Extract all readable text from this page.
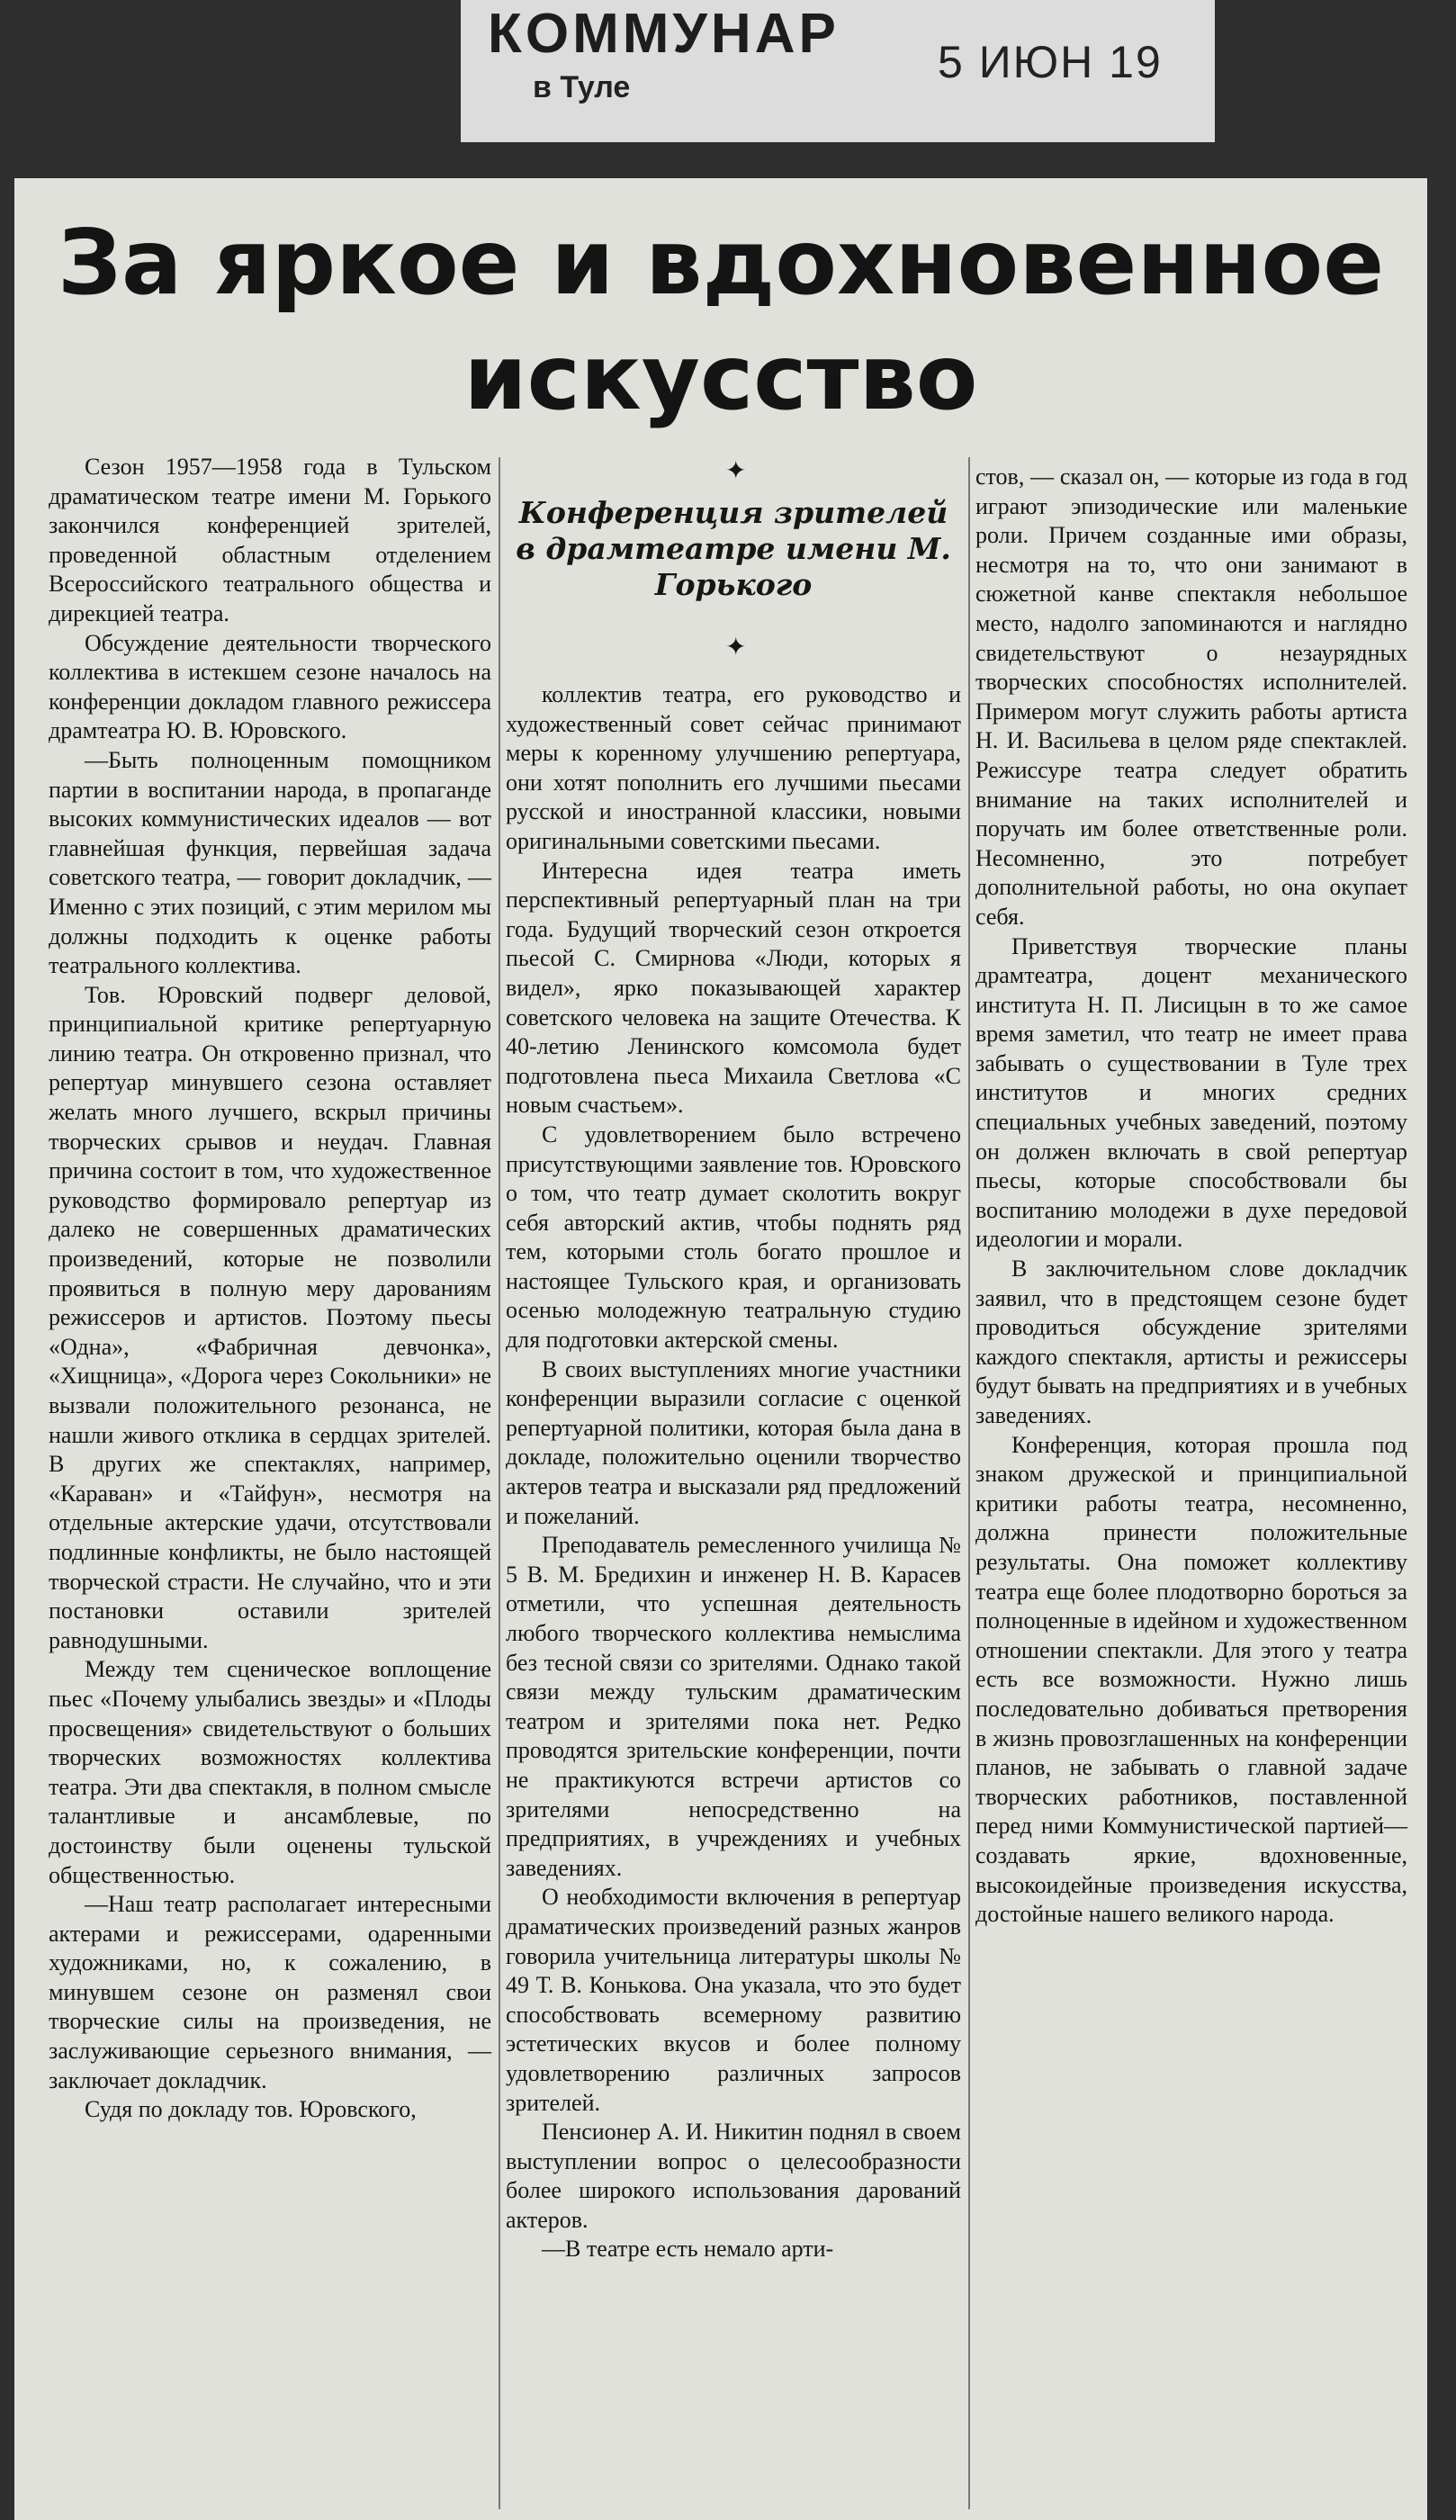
КОММУНАР
в Туле	5 ИЮН 19
За яркое и вдохновенное искусство
✦
Конференция зрителей в драмтеатре имени М. Горького
✦

Сезон 1957—1958 года в Тульском драматическом театре имени М. Горького закончился конференцией зрителей, проведенной областным отделением Всероссийского театрального общества и дирекцией театра.

Обсуждение деятельности творческого коллектива в истекшем сезоне началось на конференции докладом главного режиссера драмтеатра Ю. В. Юровского.

—Быть полноценным помощником партии в воспитании народа, в пропаганде высоких коммунистических идеалов — вот главнейшая функция, первейшая задача советского театра, — говорит докладчик, — Именно с этих позиций, с этим мерилом мы должны подходить к оценке работы театрального коллектива.

Тов. Юровский подверг деловой, принципиальной критике репертуарную линию театра. Он откровенно признал, что репертуар минувшего сезона оставляет желать много лучшего, вскрыл причины творческих срывов и неудач. Главная причина состоит в том, что художественное руководство формировало репертуар из далеко не совершенных драматических произведений, которые не позволили проявиться в полную меру дарованиям режиссеров и артистов. Поэтому пьесы «Одна», «Фабричная девчонка», «Хищница», «Дорога через Сокольники» не вызвали положительного резонанса, не нашли живого отклика в сердцах зрителей. В других же спектаклях, например, «Караван» и «Тайфун», несмотря на отдельные актерские удачи, отсутствовали подлинные конфликты, не было настоящей творческой страсти. Не случайно, что и эти постановки оставили зрителей равнодушными.

Между тем сценическое воплощение пьес «Почему улыбались звезды» и «Плоды просвещения» свидетельствуют о больших творческих возможностях коллектива театра. Эти два спектакля, в полном смысле талантливые и ансамблевые, по достоинству были оценены тульской общественностью.

—Наш театр располагает интересными актерами и режиссерами, одаренными художниками, но, к сожалению, в минувшем сезоне он разменял свои творческие силы на произведения, не заслуживающие серьезного внимания, — заключает докладчик.

Судя по докладу тов. Юровского,

коллектив театра, его руководство и художественный совет сейчас принимают меры к коренному улучшению репертуара, они хотят пополнить его лучшими пьесами русской и иностранной классики, новыми оригинальными советскими пьесами.

Интересна идея театра иметь перспективный репертуарный план на три года. Будущий творческий сезон откроется пьесой С. Смирнова «Люди, которых я видел», ярко показывающей характер советского человека на защите Отечества. К 40-летию Ленинского комсомола будет подготовлена пьеса Михаила Светлова «С новым счастьем».

С удовлетворением было встречено присутствующими заявление тов. Юровского о том, что театр думает сколотить вокруг себя авторский актив, чтобы поднять ряд тем, которыми столь богато прошлое и настоящее Тульского края, и организовать осенью молодежную театральную студию для подготовки актерской смены.

В своих выступлениях многие участники конференции выразили согласие с оценкой репертуарной политики, которая была дана в докладе, положительно оценили творчество актеров театра и высказали ряд предложений и пожеланий.

Преподаватель ремесленного училища № 5 В. М. Бредихин и инженер Н. В. Карасев отметили, что успешная деятельность любого творческого коллектива немыслима без тесной связи со зрителями. Однако такой связи между тульским драматическим театром и зрителями пока нет. Редко проводятся зрительские конференции, почти не практикуются встречи артистов со зрителями непосредственно на предприятиях, в учреждениях и учебных заведениях.

О необходимости включения в репертуар драматических произведений разных жанров говорила учительница литературы школы № 49 Т. В. Конькова. Она указала, что это будет способствовать всемерному развитию эстетических вкусов и более полному удовлетворению различных запросов зрителей.

Пенсионер А. И. Никитин поднял в своем выступлении вопрос о целесообразности более широкого использования дарований актеров.

—В театре есть немало арти-

стов, — сказал он, — которые из года в год играют эпизодические или маленькие роли. Причем созданные ими образы, несмотря на то, что они занимают в сюжетной канве спектакля небольшое место, надолго запоминаются и наглядно свидетельствуют о незаурядных творческих способностях исполнителей. Примером могут служить работы артиста Н. И. Васильева в целом ряде спектаклей. Режиссуре театра следует обратить внимание на таких исполнителей и поручать им более ответственные роли. Несомненно, это потребует дополнительной работы, но она окупает себя.

Приветствуя творческие планы драмтеатра, доцент механического института Н. П. Лисицын в то же самое время заметил, что театр не имеет права забывать о существовании в Туле трех институтов и многих средних специальных учебных заведений, поэтому он должен включать в свой репертуар пьесы, которые способствовали бы воспитанию молодежи в духе передовой идеологии и морали.

В заключительном слове докладчик заявил, что в предстоящем сезоне будет проводиться обсуждение зрителями каждого спектакля, артисты и режиссеры будут бывать на предприятиях и в учебных заведениях.

Конференция, которая прошла под знаком дружеской и принципиальной критики работы театра, несомненно, должна принести положительные результаты. Она поможет коллективу театра еще более плодотворно бороться за полноценные в идейном и художественном отношении спектакли. Для этого у театра есть все возможности. Нужно лишь последовательно добиваться претворения в жизнь провозглашенных на конференции планов, не забывать о главной задаче творческих работников, поставленной перед ними Коммунистической партией—создавать яркие, вдохновенные, высокоидейные произведения искусства, достойные нашего великого народа.
